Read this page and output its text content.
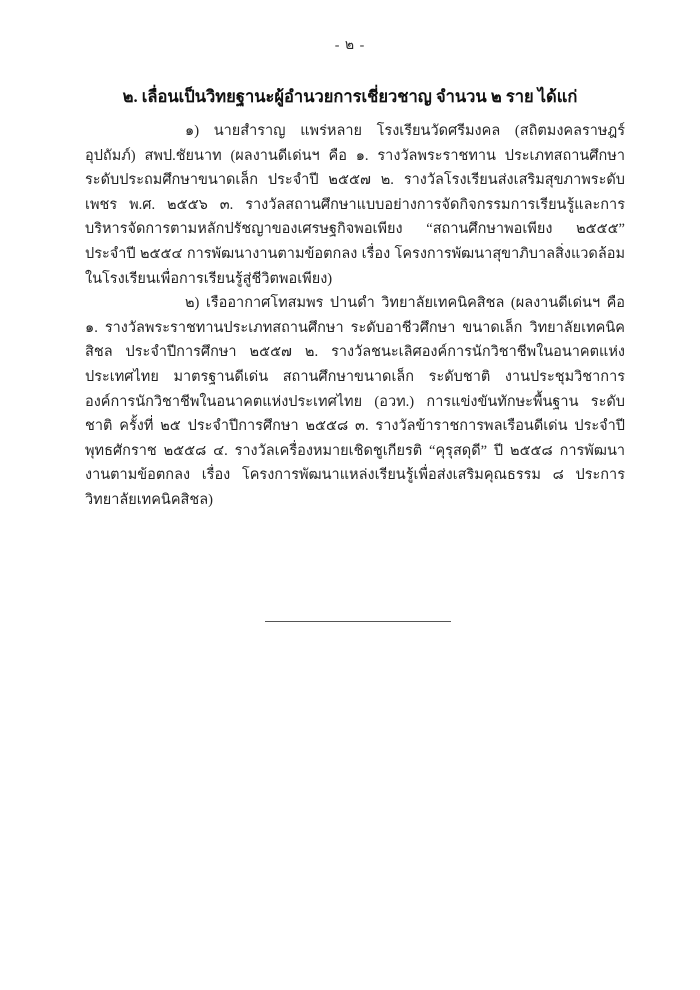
- ๒ -
๒. เลื่อนเป็นวิทยฐานะผู้อำนวยการเชี่ยวชาญ จำนวน ๒ ราย ได้แก่

๑) นายสำราญ แพร่หลาย โรงเรียนวัดศรีมงคล (สถิตมงคลราษฎร์อุปถัมภ์) สพป.ชัยนาท (ผลงานดีเด่นฯ คือ ๑. รางวัลพระราชทาน ประเภทสถานศึกษา ระดับประถมศึกษาขนาดเล็ก ประจำปี ๒๕๕๗ ๒. รางวัลโรงเรียนส่งเสริมสุขภาพระดับเพชร พ.ศ. ๒๕๕๖ ๓. รางวัลสถานศึกษาแบบอย่างการจัดกิจกรรมการเรียนรู้และการบริหารจัดการตามหลักปรัชญาของเศรษฐกิจพอเพียง “สถานศึกษาพอเพียง ๒๕๕๕” ประจำปี ๒๕๕๔ การพัฒนางานตามข้อตกลง เรื่อง โครงการพัฒนาสุขาภิบาลสิ่งแวดล้อมในโรงเรียนเพื่อการเรียนรู้สู่ชีวิตพอเพียง)

๒) เรืออากาศโทสมพร ปานดำ วิทยาลัยเทคนิคสิชล (ผลงานดีเด่นฯ คือ ๑. รางวัลพระราชทานประเภทสถานศึกษา ระดับอาชีวศึกษา ขนาดเล็ก วิทยาลัยเทคนิคสิชล ประจำปีการศึกษา ๒๕๕๗ ๒. รางวัลชนะเลิศองค์การนักวิชาชีพในอนาคตแห่งประเทศไทย มาตรฐานดีเด่น สถานศึกษาขนาดเล็ก ระดับชาติ งานประชุมวิชาการองค์การนักวิชาชีพในอนาคตแห่งประเทศไทย (อวท.) การแข่งขันทักษะพื้นฐาน ระดับชาติ ครั้งที่ ๒๕ ประจำปีการศึกษา ๒๕๕๘ ๓. รางวัลข้าราชการพลเรือนดีเด่น ประจำปีพุทธศักราช ๒๕๕๘ ๔. รางวัลเครื่องหมายเชิดชูเกียรติ “คุรุสดุดี” ปี ๒๕๕๘ การพัฒนางานตามข้อตกลง เรื่อง โครงการพัฒนาแหล่งเรียนรู้เพื่อส่งเสริมคุณธรรม ๘ ประการ วิทยาลัยเทคนิคสิชล)
